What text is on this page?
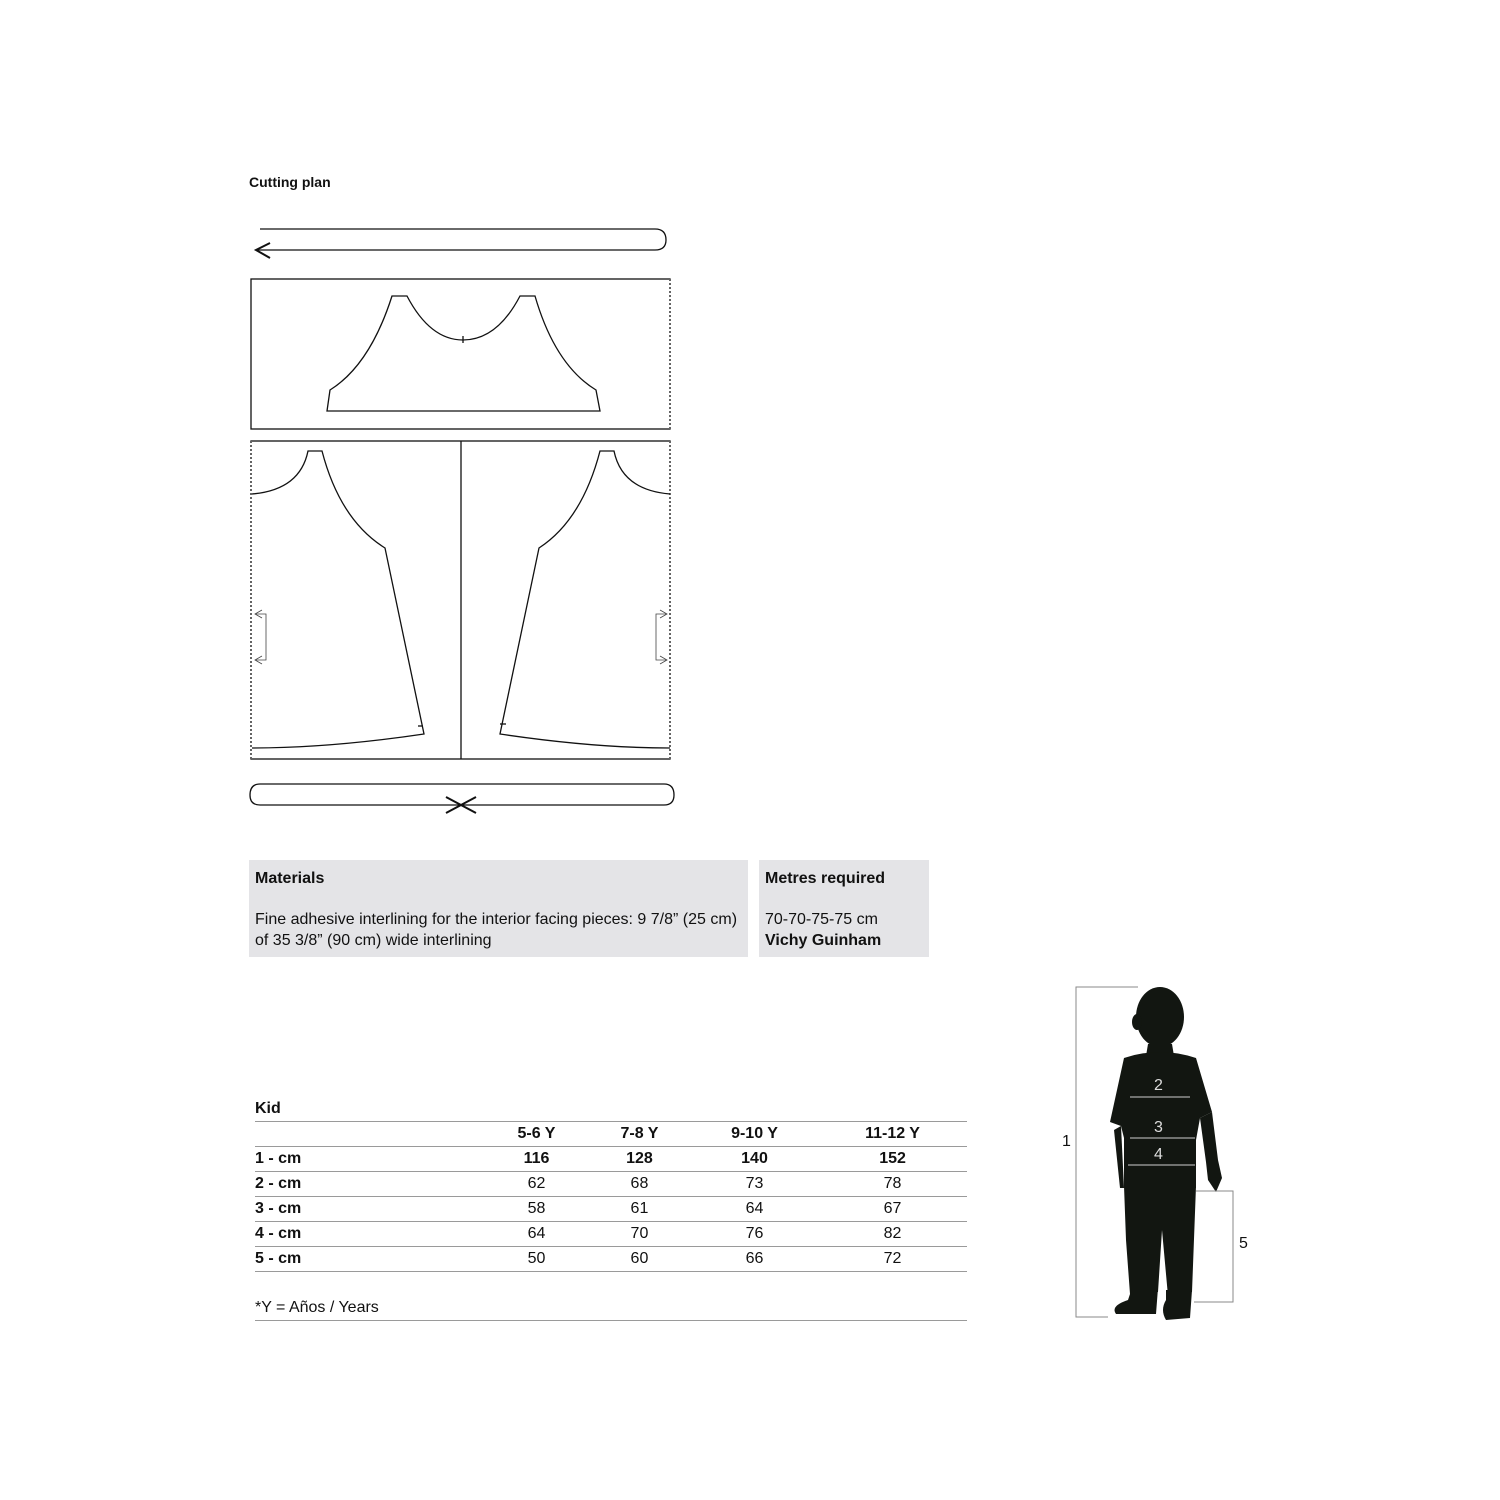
Cutting plan
Materials
Fine adhesive interlining for the interior facing pieces: 9 7/8” (25 cm) of 35 3/8” (90 cm) wide interlining
Metres required
70-70-75-75 cm
Vichy Guinham
Kid
	5-6 Y	7-8 Y	9-10 Y	11-12 Y
1 - cm	116	128	140	152
2 - cm	62	68	73	78
3 - cm	58	61	64	67
4 - cm	64	70	76	82
5 - cm	50	60	66	72
*Y = Años / Years
1
2
3
4
5
